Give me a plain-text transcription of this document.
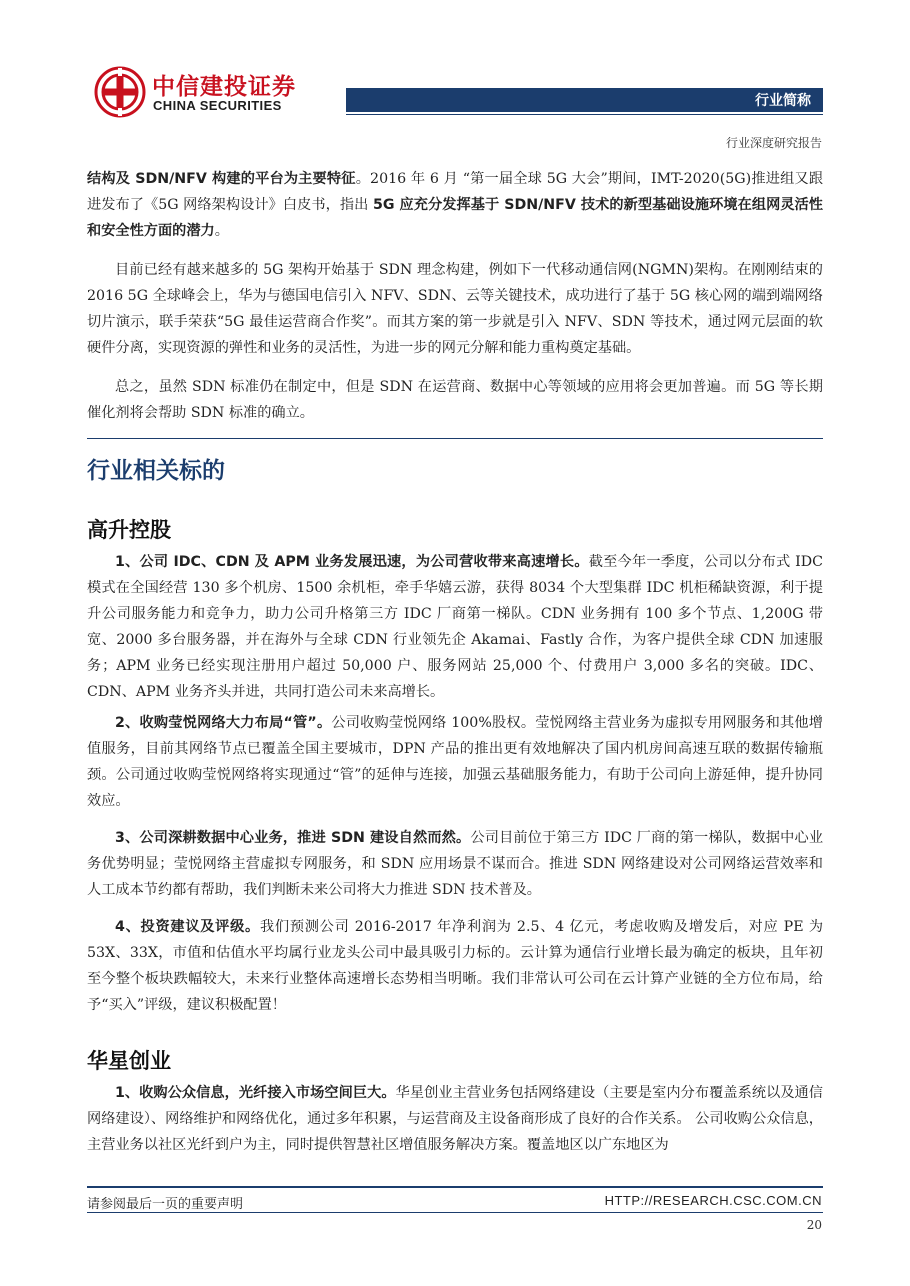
中信建投证券
CHINA SECURITIES	行业简称
行业深度研究报告

结构及 SDN/NFV 构建的平台为主要特征。2016 年 6 月 “第一届全球 5G 大会”期间，IMT-2020(5G)推进组又跟进发布了《5G 网络架构设计》白皮书，指出 5G 应充分发挥基于 SDN/NFV 技术的新型基础设施环境在组网灵活性和安全性方面的潜力。

目前已经有越来越多的 5G 架构开始基于 SDN 理念构建，例如下一代移动通信网(NGMN)架构。在刚刚结束的 2016 5G 全球峰会上，华为与德国电信引入 NFV、SDN、云等关键技术，成功进行了基于 5G 核心网的端到端网络切片演示，联手荣获“5G 最佳运营商合作奖”。而其方案的第一步就是引入 NFV、SDN 等技术，通过网元层面的软硬件分离，实现资源的弹性和业务的灵活性，为进一步的网元分解和能力重构奠定基础。

总之，虽然 SDN 标准仍在制定中，但是 SDN 在运营商、数据中心等领域的应用将会更加普遍。而 5G 等长期催化剂将会帮助 SDN 标准的确立。

行业相关标的
高升控股

1、公司 IDC、CDN 及 APM 业务发展迅速，为公司营收带来高速增长。截至今年一季度，公司以分布式 IDC 模式在全国经营 130 多个机房、1500 余机柜，牵手华嬉云游，获得 8034 个大型集群 IDC 机柜稀缺资源，利于提升公司服务能力和竞争力，助力公司升格第三方 IDC 厂商第一梯队。CDN 业务拥有 100 多个节点、1,200G 带宽、2000 多台服务器，并在海外与全球 CDN 行业领先企 Akamai、Fastly 合作，为客户提供全球 CDN 加速服务；APM 业务已经实现注册用户超过 50,000 户、服务网站 25,000 个、付费用户 3,000 多名的突破。IDC、CDN、APM 业务齐头并进，共同打造公司未来高增长。

2、收购莹悦网络大力布局“管”。公司收购莹悦网络 100%股权。莹悦网络主营业务为虚拟专用网服务和其他增值服务，目前其网络节点已覆盖全国主要城市，DPN 产品的推出更有效地解决了国内机房间高速互联的数据传输瓶颈。公司通过收购莹悦网络将实现通过“管”的延伸与连接，加强云基础服务能力，有助于公司向上游延伸，提升协同效应。

3、公司深耕数据中心业务，推进 SDN 建设自然而然。公司目前位于第三方 IDC 厂商的第一梯队，数据中心业务优势明显；莹悦网络主营虚拟专网服务，和 SDN 应用场景不谋而合。推进 SDN 网络建设对公司网络运营效率和人工成本节约都有帮助，我们判断未来公司将大力推进 SDN 技术普及。

4、投资建议及评级。我们预测公司 2016-2017 年净利润为 2.5、4 亿元，考虑收购及增发后，对应 PE 为 53X、33X，市值和估值水平均属行业龙头公司中最具吸引力标的。云计算为通信行业增长最为确定的板块，且年初至今整个板块跌幅较大，未来行业整体高速增长态势相当明晰。我们非常认可公司在云计算产业链的全方位布局，给予“买入”评级，建议积极配置！

华星创业

1、收购公众信息，光纤接入市场空间巨大。华星创业主营业务包括网络建设（主要是室内分布覆盖系统以及通信网络建设）、网络维护和网络优化，通过多年积累，与运营商及主设备商形成了良好的合作关系。 公司收购公众信息，主营业务以社区光纤到户为主，同时提供智慧社区增值服务解决方案。覆盖地区以广东地区为

请参阅最后一页的重要声明	HTTP://RESEARCH.CSC.COM.CN
20
